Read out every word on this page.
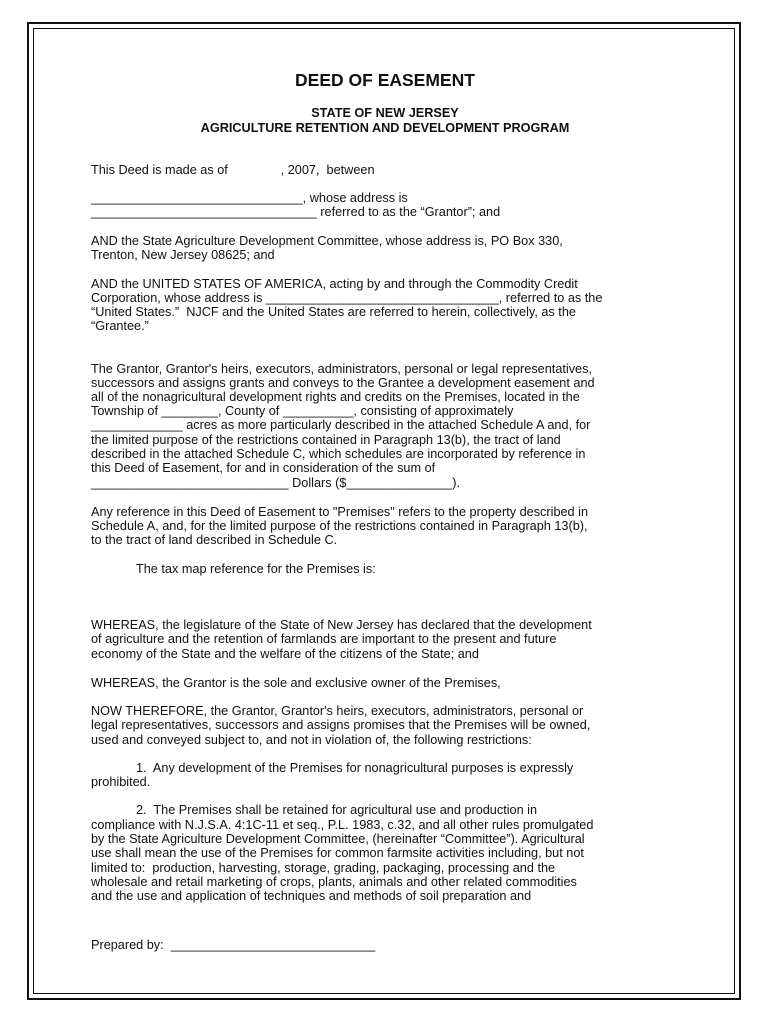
DEED OF EASEMENT
STATE OF NEW JERSEY
AGRICULTURE RETENTION AND DEVELOPMENT PROGRAM
This Deed is made as of               , 2007,  between
______________________________, whose address is
________________________________ referred to as the “Grantor”; and
AND the State Agriculture Development Committee, whose address is, PO Box 330,
Trenton, New Jersey 08625; and
AND the UNITED STATES OF AMERICA, acting by and through the Commodity Credit
Corporation, whose address is _________________________________, referred to as the
“United States.”  NJCF and the United States are referred to herein, collectively, as the
“Grantee.”
The Grantor, Grantor's heirs, executors, administrators, personal or legal representatives,
successors and assigns grants and conveys to the Grantee a development easement and
all of the nonagricultural development rights and credits on the Premises, located in the
Township of ________, County of __________, consisting of approximately
_____________ acres as more particularly described in the attached Schedule A and, for
the limited purpose of the restrictions contained in Paragraph 13(b), the tract of land
described in the attached Schedule C, which schedules are incorporated by reference in
this Deed of Easement, for and in consideration of the sum of
____________________________ Dollars ($_______________).
Any reference in this Deed of Easement to "Premises" refers to the property described in
Schedule A, and, for the limited purpose of the restrictions contained in Paragraph 13(b),
to the tract of land described in Schedule C.
The tax map reference for the Premises is:
WHEREAS, the legislature of the State of New Jersey has declared that the development
of agriculture and the retention of farmlands are important to the present and future
economy of the State and the welfare of the citizens of the State; and
WHEREAS, the Grantor is the sole and exclusive owner of the Premises,
NOW THEREFORE, the Grantor, Grantor's heirs, executors, administrators, personal or
legal representatives, successors and assigns promises that the Premises will be owned,
used and conveyed subject to, and not in violation of, the following restrictions:
1.  Any development of the Premises for nonagricultural purposes is expressly
prohibited.
2.  The Premises shall be retained for agricultural use and production in
compliance with N.J.S.A. 4:1C-11 et seq., P.L. 1983, c.32, and all other rules promulgated
by the State Agriculture Development Committee, (hereinafter “Committee”). Agricultural
use shall mean the use of the Premises for common farmsite activities including, but not
limited to:  production, harvesting, storage, grading, packaging, processing and the
wholesale and retail marketing of crops, plants, animals and other related commodities
and the use and application of techniques and methods of soil preparation and
Prepared by:  _____________________________
